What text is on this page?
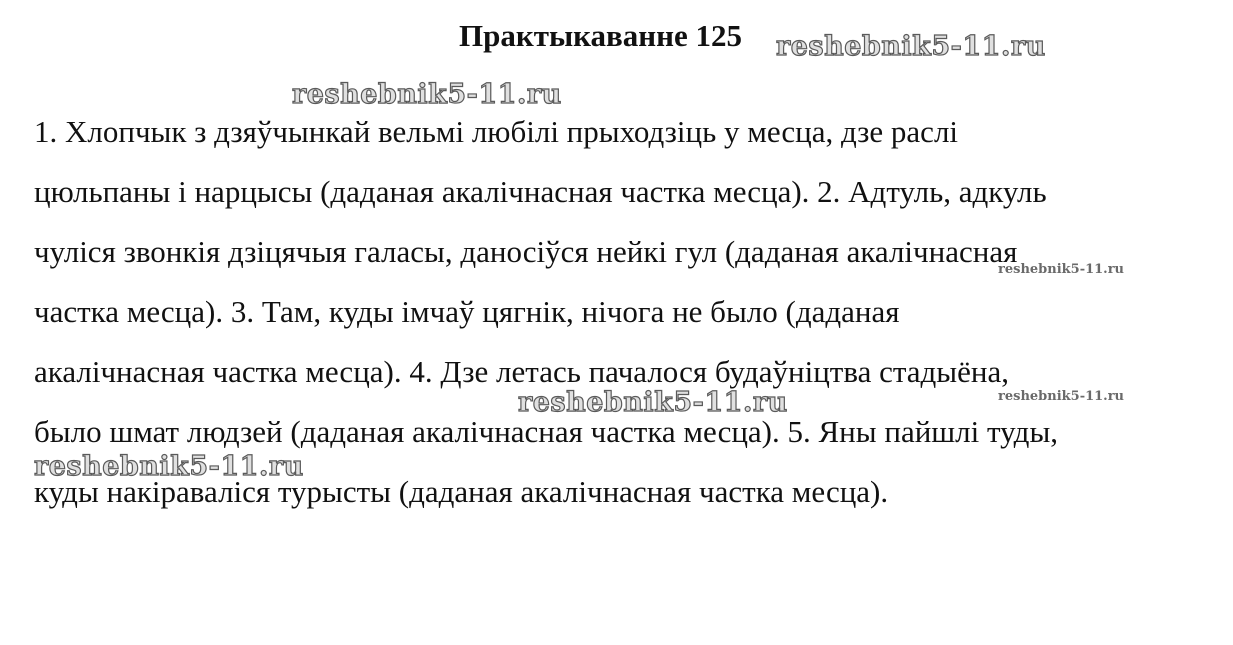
Практыкаванне 125
1. Хлопчык з дзяўчынкай вельмі любілі прыходзіць у месца, дзе раслі
цюльпаны і нарцысы (даданая акалічнасная частка месца). 2. Адтуль, адкуль
чуліся звонкія дзіцячыя галасы, даносіўся нейкі гул (даданая акалічнасная
частка месца). 3. Там, куды імчаў цягнік, нічога не было (даданая
акалічнасная частка месца). 4. Дзе летась пачалося будаўніцтва стадыёна,
было шмат людзей (даданая акалічнасная частка месца). 5. Яны пайшлі туды,
куды накіраваліся турысты (даданая акалічнасная частка месца).
reshebnik5-11.ru
reshebnik5-11.ru
reshebnik5-11.ru
reshebnik5-11.ru
reshebnik5-11.ru
reshebnik5-11.ru
